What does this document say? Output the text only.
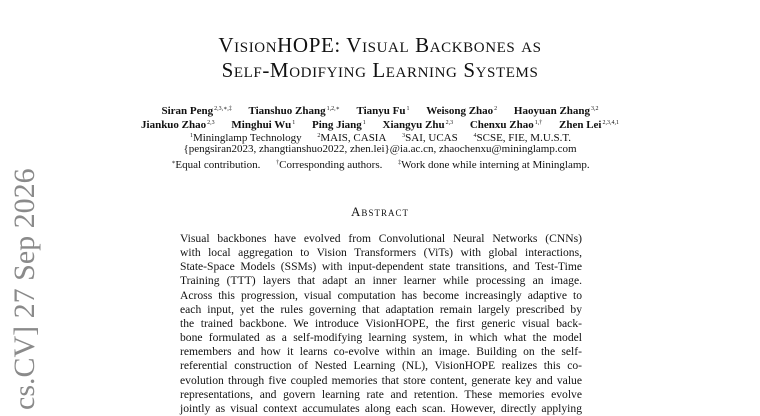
cs.CV] 27 Sep 2026
VisionHOPE: Visual Backbones as
Self-Modifying Learning Systems
Siran Peng$^{2,3,∗,\ddagger}$ Tianshuo Zhang$^{1,2,∗}$ Tianyu Fu$^1$ Weisong Zhao$^2$ Haoyuan Zhang$^{3,2}$
Jiankuo Zhao$^{2,3}$ Minghui Wu$^1$ Ping Jiang$^1$ Xiangyu Zhu$^{2,3}$ Chenxu Zhao$^{1,\dagger}$ Zhen Lei$^{2,3,4,1}$
$^1$Mininglamp Technology	$^2$MAIS, CASIA	$^3$SAI, UCAS	$^4$SCSE, FIE, M.U.S.T.
{pengsiran2023, zhangtianshuo2022, zhen.lei}@ia.ac.cn, zhaochenxu@mininglamp.com
∗Equal contribution.	†Corresponding authors.	‡Work done while interning at Mininglamp.
Abstract
Visual backbones have evolved from Convolutional Neural Networks (CNNs)
with local aggregation to Vision Transformers (ViTs) with global interactions,
State-Space Models (SSMs) with input-dependent state transitions, and Test-Time
Training (TTT) layers that adapt an inner learner while processing an image.
Across this progression, visual computation has become increasingly adaptive to
each input, yet the rules governing that adaptation remain largely prescribed by
the trained backbone. We introduce VisionHOPE, the first generic visual back-
bone formulated as a self-modifying learning system, in which what the model
remembers and how it learns co-evolve within an image. Building on the self-
referential construction of Nested Learning (NL), VisionHOPE realizes this co-
evolution through five coupled memories that store content, generate key and value
representations, and govern learning rate and retention. These memories evolve
jointly as visual context accumulates along each scan. However, directly applying
